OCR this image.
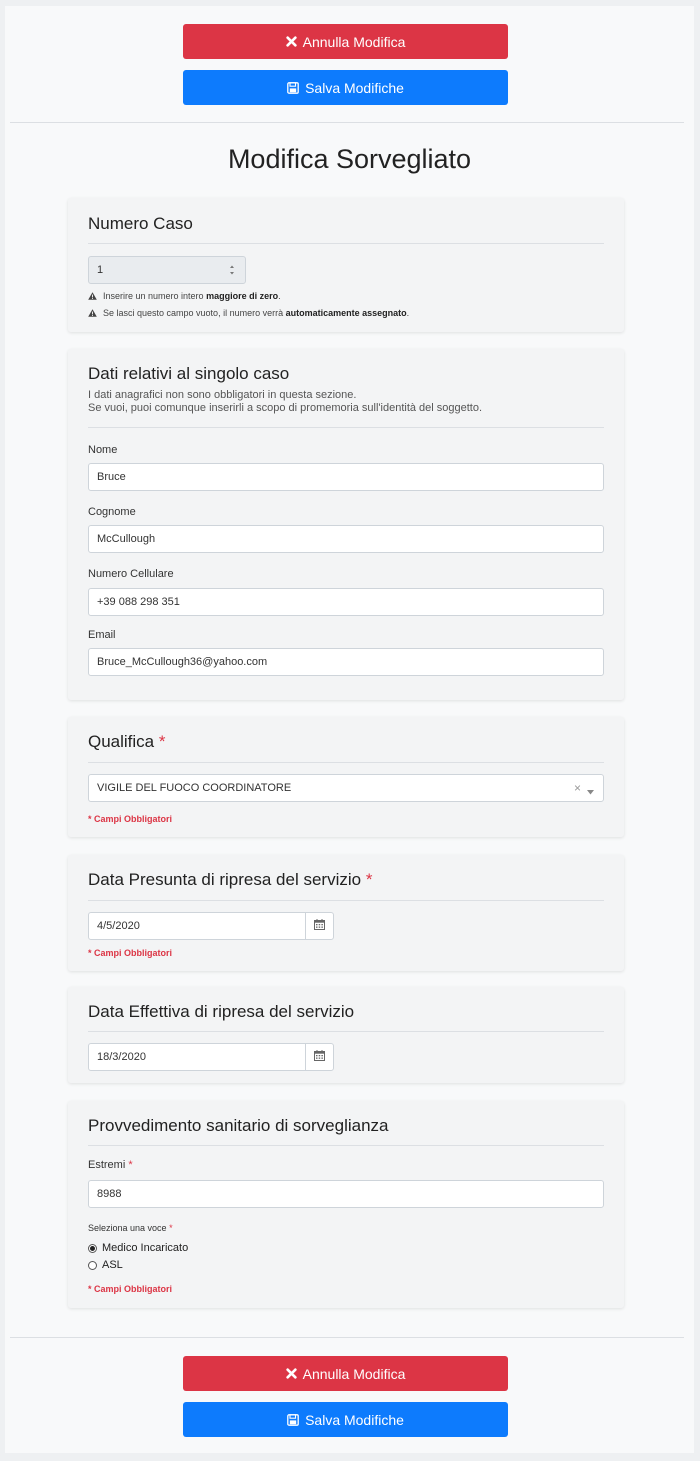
Annulla Modifica
Salva Modifiche
Modifica Sorvegliato
Numero Caso
1
Inserire un numero intero maggiore di zero.
Se lasci questo campo vuoto, il numero verrà automaticamente assegnato.
Dati relativi al singolo caso
I dati anagrafici non sono obbligatori in questa sezione.
Se vuoi, puoi comunque inserirli a scopo di promemoria sull'identità del soggetto.
Nome
Bruce
Cognome
McCullough
Numero Cellulare
+39 088 298 351
Email
Bruce_McCullough36@yahoo.com
Qualifica *
VIGILE DEL FUOCO COORDINATORE	×
* Campi Obbligatori
Data Presunta di ripresa del servizio *
4/5/2020
* Campi Obbligatori
Data Effettiva di ripresa del servizio
18/3/2020
Provvedimento sanitario di sorveglianza
Estremi *
8988
Seleziona una voce *
Medico Incaricato
ASL
* Campi Obbligatori
Annulla Modifica
Salva Modifiche
